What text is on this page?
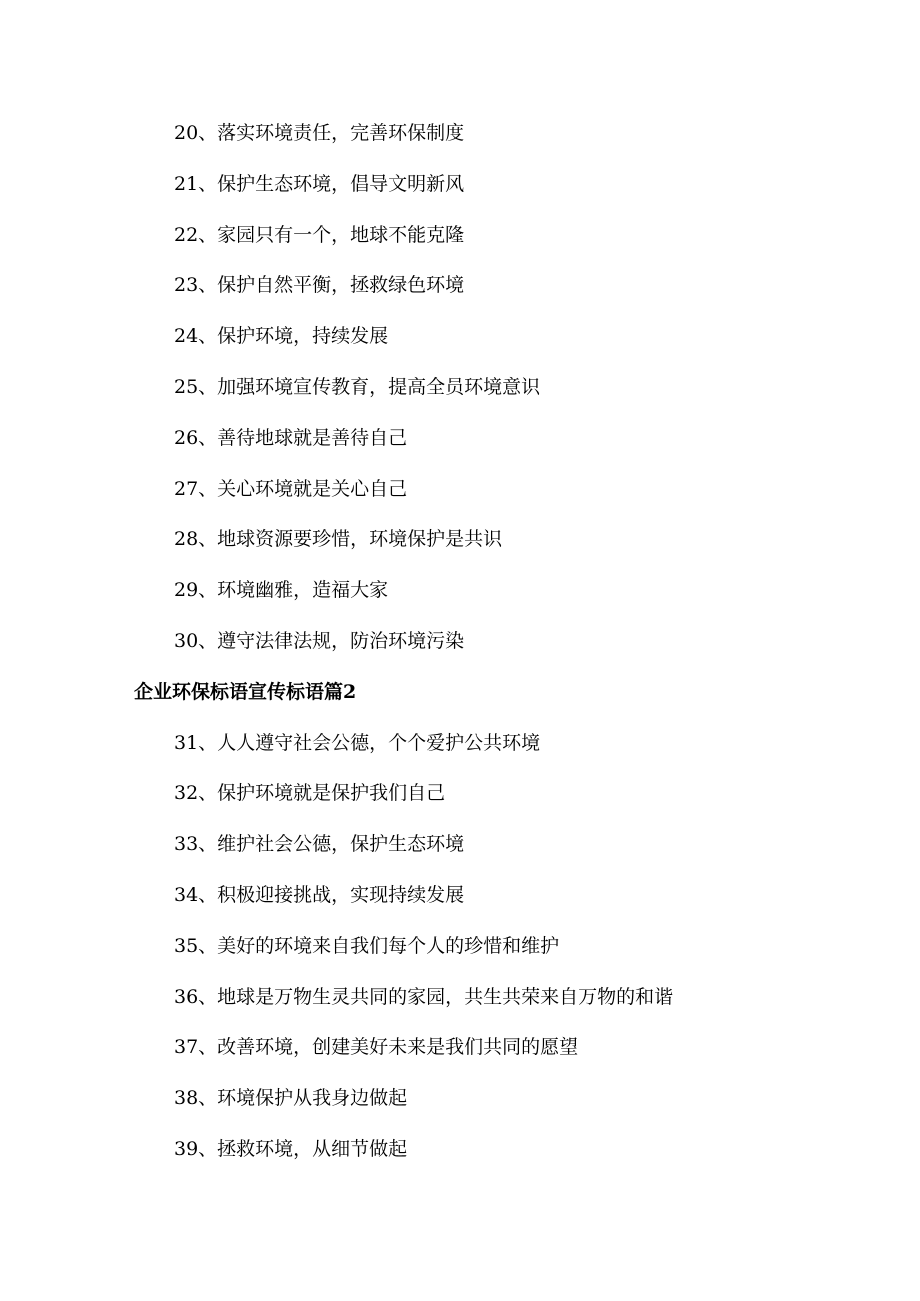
20、落实环境责任，完善环保制度
21、保护生态环境，倡导文明新风
22、家园只有一个，地球不能克隆
23、保护自然平衡，拯救绿色环境
24、保护环境，持续发展
25、加强环境宣传教育，提高全员环境意识
26、善待地球就是善待自己
27、关心环境就是关心自己
28、地球资源要珍惜，环境保护是共识
29、环境幽雅，造福大家
30、遵守法律法规，防治环境污染
企业环保标语宣传标语篇2
31、人人遵守社会公德，个个爱护公共环境
32、保护环境就是保护我们自己
33、维护社会公德，保护生态环境
34、积极迎接挑战，实现持续发展
35、美好的环境来自我们每个人的珍惜和维护
36、地球是万物生灵共同的家园，共生共荣来自万物的和谐
37、改善环境，创建美好未来是我们共同的愿望
38、环境保护从我身边做起
39、拯救环境，从细节做起
